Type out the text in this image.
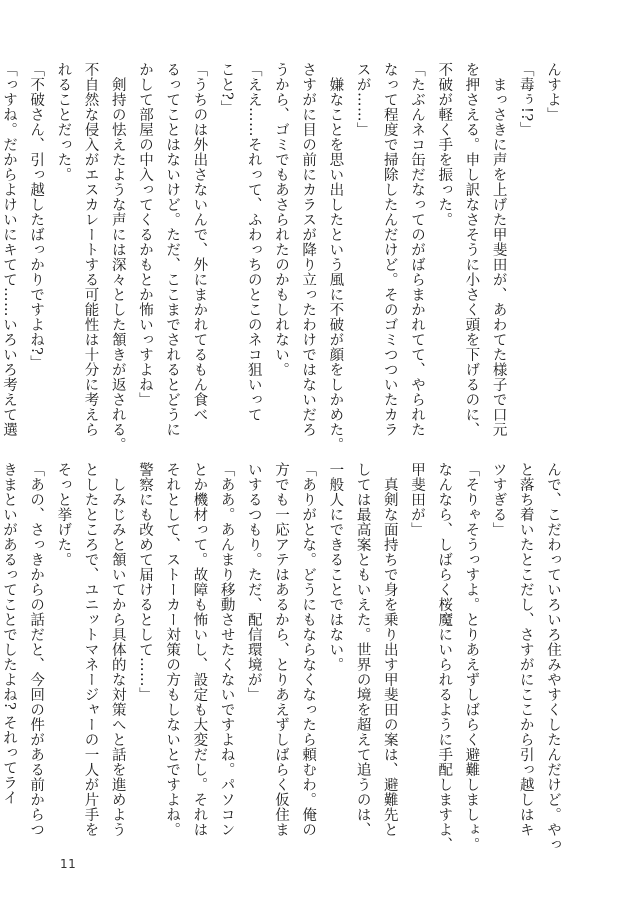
んすよ」
「毒ぅ!?」
　まっさきに声を上げた甲斐田が、あわてた様子で口元
を押さえる。申し訳なさそうに小さく頭を下げるのに、
不破が軽く手を振った。
「たぶんネコ缶だなってのがばらまかれてて、やられた
なって程度で掃除したんだけど。そのゴミつついたカラ
スが……」
　嫌なことを思い出したという風に不破が顔をしかめた。
さすがに目の前にカラスが降り立ったわけではないだろ
うから、ゴミでもあさられたのかもしれない。
「ええ……それって、ふわっちのとこのネコ狙いって
こと?」
「うちのは外出さないんで、外にまかれてるもん食べ
るってことはないけど。ただ、ここまでされるとどうに
かして部屋の中入ってくるかもとか怖いっすよね」
　剣持の怯えたような声には深々とした頷きが返される。
不自然な侵入がエスカレートする可能性は十分に考えら
れることだった。
「不破さん、引っ越したばっかりですよね?」
「っすね。だからよけいにキてて……いろいろ考えて選
んで、こだわっていろいろ住みやすくしたんだけど。やっ
と落ち着いたとこだし、さすがにここから引っ越しはキ
ツすぎる」
「そりゃそうっすよ。とりあえずしばらく避難しましょ。
なんなら、しばらく桜魔にいられるように手配しますよ、
甲斐田が」
　真剣な面持ちで身を乗り出す甲斐田の案は、避難先と
しては最高案ともいえた。世界の境を超えて追うのは、
一般人にできることではない。
「ありがとな。どうにもならなくなったら頼むわ。俺の
方でも一応アテはあるから、とりあえずしばらく仮住ま
いするつもり。ただ、配信環境が」
「ああ。あんまり移動させたくないですよね。パソコン
とか機材って。故障も怖いし、設定も大変だし。それは
それとして、ストーカー対策の方もしないとですよね。
警察にも改めて届けるとして……」
　しみじみと頷いてから具体的な対策へと話を進めよう
としたところで、ユニットマネージャーの一人が片手を
そっと挙げた。
「あの、さっきからの話だと、今回の件がある前からつ
きまといがあるってことでしたよね? それってライ
11
